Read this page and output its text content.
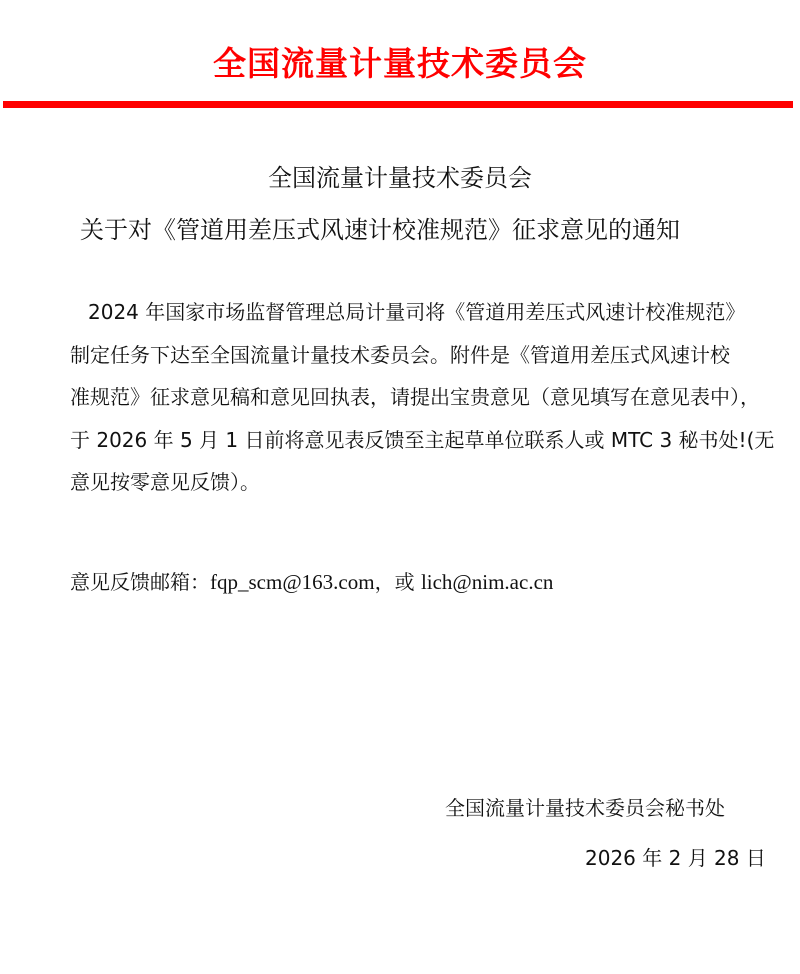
全国流量计量技术委员会
全国流量计量技术委员会
关于对《管道用差压式风速计校准规范》征求意见的通知
2024 年国家市场监督管理总局计量司将《管道用差压式风速计校准规范》
制定任务下达至全国流量计量技术委员会。附件是《管道用差压式风速计校
准规范》征求意见稿和意见回执表，请提出宝贵意见（意见填写在意见表中），
于 2026 年 5 月 1 日前将意见表反馈至主起草单位联系人或 MTC 3 秘书处!(无
意见按零意见反馈）。
意见反馈邮箱：fqp_scm@163.com，或 lich@nim.ac.cn
全国流量计量技术委员会秘书处
2026 年 2 月 28 日
